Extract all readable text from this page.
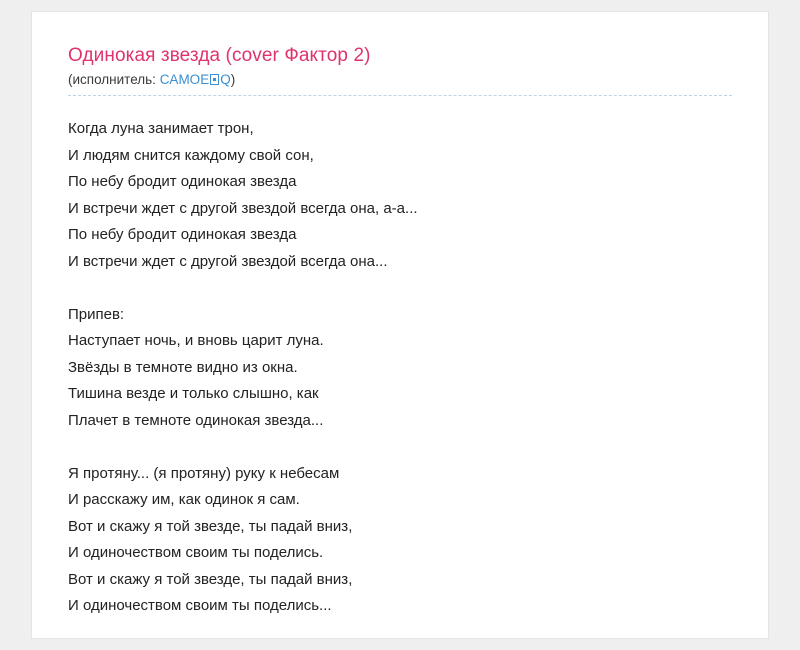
Одинокая звезда (cover Фактор 2)
(исполнитель: CAMOE Q)
Когда луна занимает трон,
И людям снится каждому свой сон,
По небу бродит одинокая звезда
И встречи ждет с другой звездой всегда она, а-а...
По небу бродит одинокая звезда
И встречи ждет с другой звездой всегда она...
Припев:
Наступает ночь, и вновь царит луна.
Звёзды в темноте видно из окна.
Тишина везде и только слышно, как
Плачет в темноте одинокая звезда...
Я протяну... (я протяну) руку к небесам
И расскажу им, как одинок я сам.
Вот и скажу я той звезде, ты падай вниз,
И одиночеством своим ты поделись.
Вот и скажу я той звезде, ты падай вниз,
И одиночеством своим ты поделись...
